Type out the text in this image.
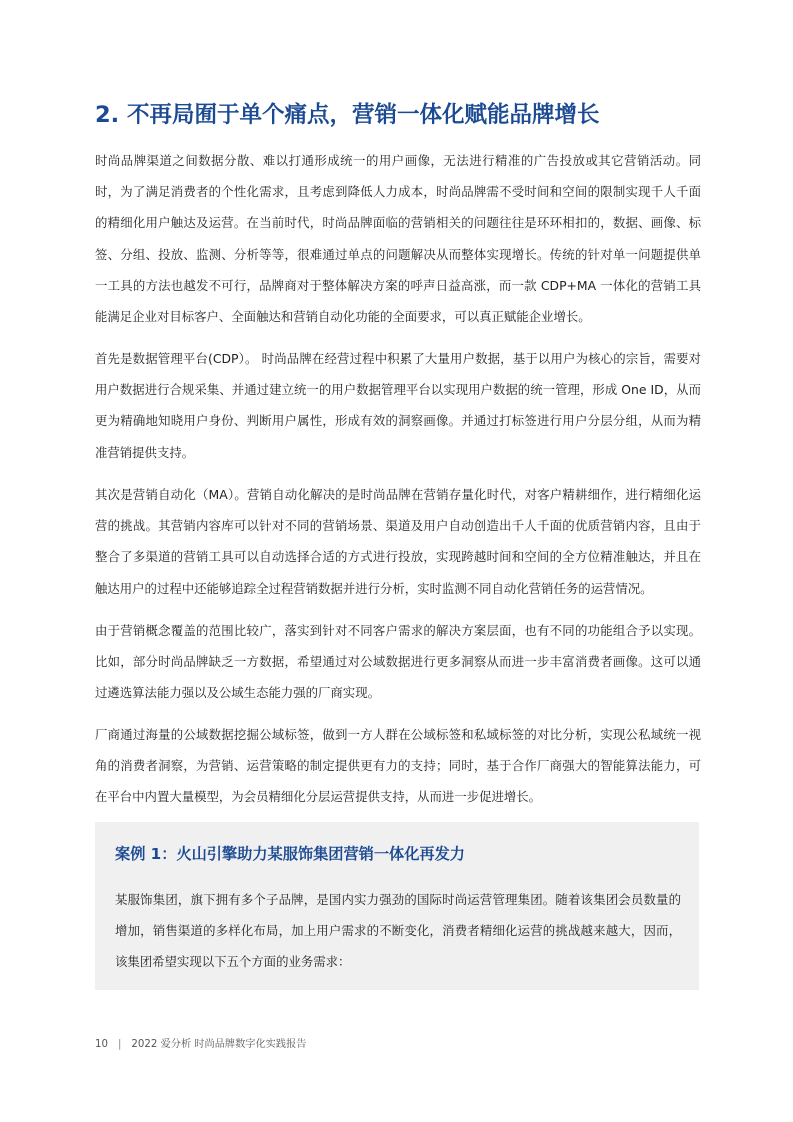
2. 不再局囿于单个痛点，营销一体化赋能品牌增长

时尚品牌渠道之间数据分散、难以打通形成统一的用户画像，无法进行精准的广告投放或其它营销活动。同时，为了满足消费者的个性化需求，且考虑到降低人力成本，时尚品牌需不受时间和空间的限制实现千人千面的精细化用户触达及运营。在当前时代，时尚品牌面临的营销相关的问题往往是环环相扣的，数据、画像、标签、分组、投放、监测、分析等等，很难通过单点的问题解决从而整体实现增长。传统的针对单一问题提供单一工具的方法也越发不可行，品牌商对于整体解决方案的呼声日益高涨，而一款 CDP+MA 一体化的营销工具能满足企业对目标客户、全面触达和营销自动化功能的全面要求，可以真正赋能企业增长。

首先是数据管理平台(CDP）。 时尚品牌在经营过程中积累了大量用户数据，基于以用户为核心的宗旨，需要对用户数据进行合规采集、并通过建立统一的用户数据管理平台以实现用户数据的统一管理，形成 One ID，从而更为精确地知晓用户身份、判断用户属性，形成有效的洞察画像。并通过打标签进行用户分层分组，从而为精准营销提供支持。

其次是营销自动化（MA）。营销自动化解决的是时尚品牌在营销存量化时代，对客户精耕细作，进行精细化运营的挑战。其营销内容库可以针对不同的营销场景、渠道及用户自动创造出千人千面的优质营销内容，且由于整合了多渠道的营销工具可以自动选择合适的方式进行投放，实现跨越时间和空间的全方位精准触达，并且在触达用户的过程中还能够追踪全过程营销数据并进行分析，实时监测不同自动化营销任务的运营情况。

由于营销概念覆盖的范围比较广，落实到针对不同客户需求的解决方案层面，也有不同的功能组合予以实现。比如，部分时尚品牌缺乏一方数据，希望通过对公域数据进行更多洞察从而进一步丰富消费者画像。这可以通过遴选算法能力强以及公域生态能力强的厂商实现。

厂商通过海量的公域数据挖掘公域标签，做到一方人群在公域标签和私域标签的对比分析，实现公私域统一视角的消费者洞察，为营销、运营策略的制定提供更有力的支持；同时，基于合作厂商强大的智能算法能力，可在平台中内置大量模型，为会员精细化分层运营提供支持，从而进一步促进增长。

案例 1：火山引擎助力某服饰集团营销一体化再发力

某服饰集团，旗下拥有多个子品牌，是国内实力强劲的国际时尚运营管理集团。随着该集团会员数量的增加，销售渠道的多样化布局，加上用户需求的不断变化，消费者精细化运营的挑战越来越大，因而，该集团希望实现以下五个方面的业务需求：

10 | 2022 爱分析 时尚品牌数字化实践报告
